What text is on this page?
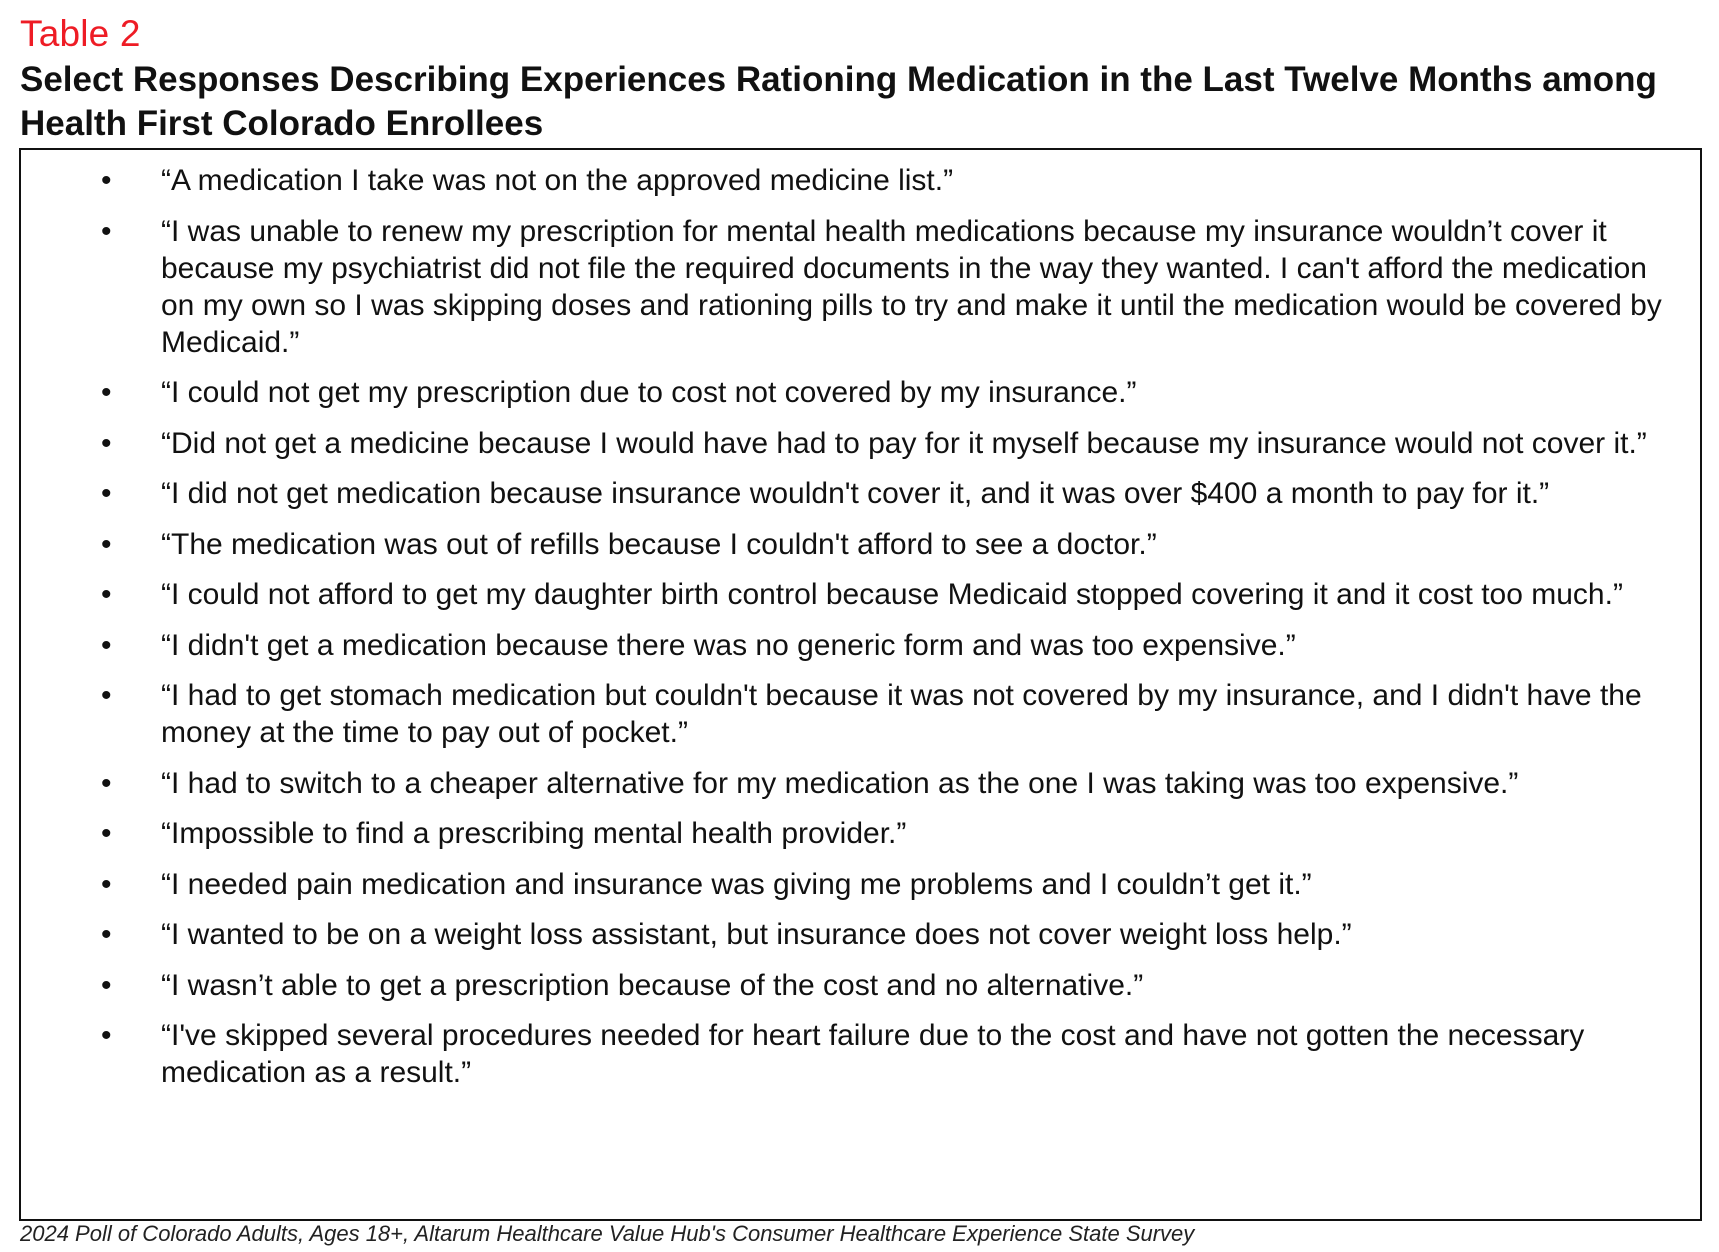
Table 2
Select Responses Describing Experiences Rationing Medication in the Last Twelve Months among Health First Colorado Enrollees
• “A medication I take was not on the approved medicine list.”
• “I was unable to renew my prescription for mental health medications because my insurance wouldn’t cover it because my psychiatrist did not file the required documents in the way they wanted. I can't afford the medication on my own so I was skipping doses and rationing pills to try and make it until the medication would be covered by Medicaid.”
• “I could not get my prescription due to cost not covered by my insurance.”
• “Did not get a medicine because I would have had to pay for it myself because my insurance would not cover it.”
• “I did not get medication because insurance wouldn't cover it, and it was over $400 a month to pay for it.”
• “The medication was out of refills because I couldn't afford to see a doctor.”
• “I could not afford to get my daughter birth control because Medicaid stopped covering it and it cost too much.”
• “I didn't get a medication because there was no generic form and was too expensive.”
• “I had to get stomach medication but couldn't because it was not covered by my insurance, and I didn't have the money at the time to pay out of pocket.”
• “I had to switch to a cheaper alternative for my medication as the one I was taking was too expensive.”
• “Impossible to find a prescribing mental health provider.”
• “I needed pain medication and insurance was giving me problems and I couldn’t get it.”
• “I wanted to be on a weight loss assistant, but insurance does not cover weight loss help.”
• “I wasn’t able to get a prescription because of the cost and no alternative.”
• “I've skipped several procedures needed for heart failure due to the cost and have not gotten the necessary medication as a result.”
2024 Poll of Colorado Adults, Ages 18+, Altarum Healthcare Value Hub's Consumer Healthcare Experience State Survey
